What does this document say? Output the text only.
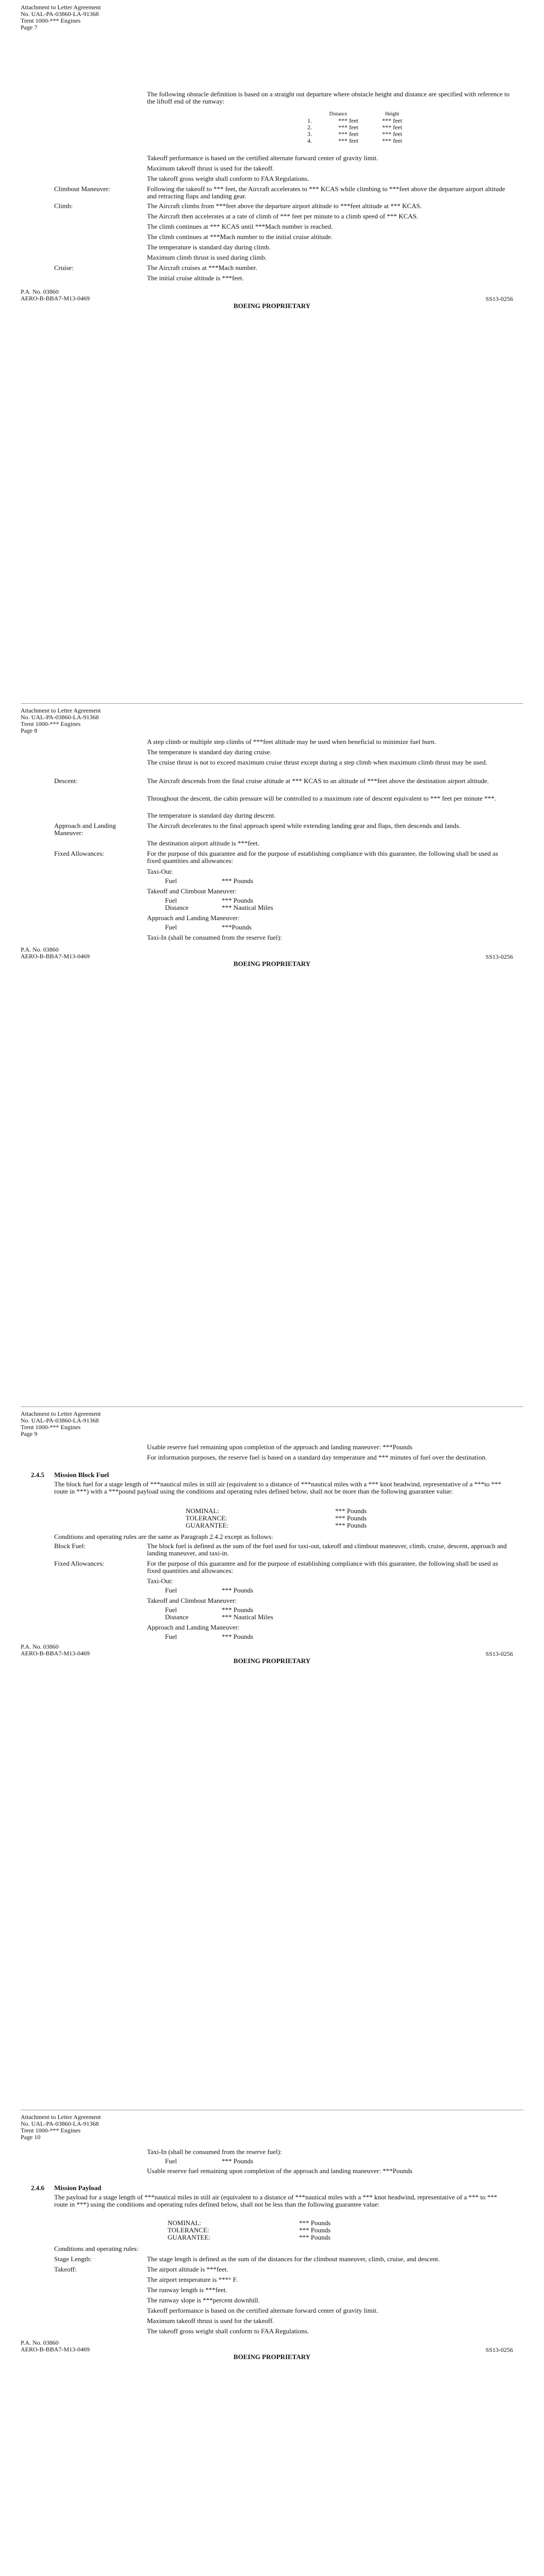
Attachment to Letter Agreement
No. UAL-PA-03860-LA-91368
Trent 1000-*** Engines
Page 7
The following obstacle definition is based on a straight out departure where obstacle height and distance are specified with reference to the liftoff end of the runway:
	Distance	Height
1.	*** feet	*** feet
2.	*** feet	*** feet
3.	*** feet	*** feet
4.	*** feet	*** feet
Takeoff performance is based on the certified alternate forward center of gravity limit.
Maximum takeoff thrust is used for the takeoff.
The takeoff gross weight shall conform to FAA Regulations.
Climbout Maneuver:	Following the takeoff to *** feet, the Aircraft accelerates to *** KCAS while climbing to ***feet above the departure airport altitude and retracting flaps and landing gear.
Climb:	The Aircraft climbs from ***feet above the departure airport altitude to ***feet altitude at *** KCAS.
The Aircraft then accelerates at a rate of climb of *** feet per minute to a climb speed of *** KCAS.
The climb continues at *** KCAS until ***Mach number is reached.
The climb continues at ***Mach number to the initial cruise altitude.
The temperature is standard day during climb.
Maximum climb thrust is used during climb.
Cruise:	The Aircraft cruises at ***Mach number.
The initial cruise altitude is ***feet.
P.A. No. 03860
AERO-B-BBA7-M13-0469	SS13-0256
BOEING PROPRIETARY
Attachment to Letter Agreement
No. UAL-PA-03860-LA-91368
Trent 1000-*** Engines
Page 8
A step climb or multiple step climbs of ***feet altitude may be used when beneficial to minimize fuel burn.
The temperature is standard day during cruise.
The cruise thrust is not to exceed maximum cruise thrust except during a step climb when maximum climb thrust may be used.
Descent:	The Aircraft descends from the final cruise altitude at *** KCAS to an altitude of ***feet above the destination airport altitude.
Throughout the descent, the cabin pressure will be controlled to a maximum rate of descent equivalent to *** feet per minute ***.
The temperature is standard day during descent.
Approach and Landing Maneuver:
The Aircraft decelerates to the final approach speed while extending landing gear and flaps, then descends and lands.
The destination airport altitude is ***feet.
Fixed Allowances:	For the purpose of this guarantee and for the purpose of establishing compliance with this guarantee, the following shall be used as fixed quantities and allowances:
Taxi-Out:
Fuel	*** Pounds
Takeoff and Climbout Maneuver:
Fuel	*** Pounds
Distance	*** Nautical Miles
Approach and Landing Maneuver:
Fuel	***Pounds
Taxi-In (shall be consumed from the reserve fuel):
P.A. No. 03860
AERO-B-BBA7-M13-0469	SS13-0256
BOEING PROPRIETARY
Attachment to Letter Agreement
No. UAL-PA-03860-LA-91368
Trent 1000-*** Engines
Page 9
Usable reserve fuel remaining upon completion of the approach and landing maneuver: ***Pounds
For information purposes, the reserve fuel is based on a standard day temperature and *** minutes of fuel over the destination.
2.4.5 Mission Block Fuel
The block fuel for a stage length of ***nautical miles in still air (equivalent to a distance of ***nautical miles with a *** knot headwind, representative of a ***to *** route in ***) with a ***pound payload using the conditions and operating rules defined below, shall not be more than the following guarantee value:
NOMINAL:	*** Pounds
TOLERANCE:	*** Pounds
GUARANTEE:	*** Pounds
Conditions and operating rules are the same as Paragraph 2.4.2 except as follows:
Block Fuel:	The block fuel is defined as the sum of the fuel used for taxi-out, takeoff and climbout maneuver, climb, cruise, descent, approach and landing maneuver, and taxi-in.
Fixed Allowances:	For the purpose of this guarantee and for the purpose of establishing compliance with this guarantee, the following shall be used as fixed quantities and allowances:
Taxi-Out:
Fuel	*** Pounds
Takeoff and Climbout Maneuver:
Fuel	*** Pounds
Distance	*** Nautical Miles
Approach and Landing Maneuver:
Fuel	*** Pounds
P.A. No. 03860
AERO-B-BBA7-M13-0469	SS13-0256
BOEING PROPRIETARY
Attachment to Letter Agreement
No. UAL-PA-03860-LA-91368
Trent 1000-*** Engines
Page 10
Taxi-In (shall be consumed from the reserve fuel):
Fuel	*** Pounds
Usable reserve fuel remaining upon completion of the approach and landing maneuver: ***Pounds
2.4.6 Mission Payload
The payload for a stage length of ***nautical miles in still air (equivalent to a distance of ***nautical miles with a *** knot headwind, representative of a *** to *** route in ***) using the conditions and operating rules defined below, shall not be less than the following guarantee value:
NOMINAL:	*** Pounds
TOLERANCE:	*** Pounds
GUARANTEE:	*** Pounds
Conditions and operating rules:
Stage Length:	The stage length is defined as the sum of the distances for the climbout maneuver, climb, cruise, and descent.
Takeoff:	The airport altitude is ***feet.
The airport temperature is ***° F.
The runway length is ***feet.
The runway slope is ***percent downhill.
Takeoff performance is based on the certified alternate forward center of gravity limit.
Maximum takeoff thrust is used for the takeoff.
The takeoff gross weight shall conform to FAA Regulations.
P.A. No. 03860
AERO-B-BBA7-M13-0469	SS13-0256
BOEING PROPRIETARY
